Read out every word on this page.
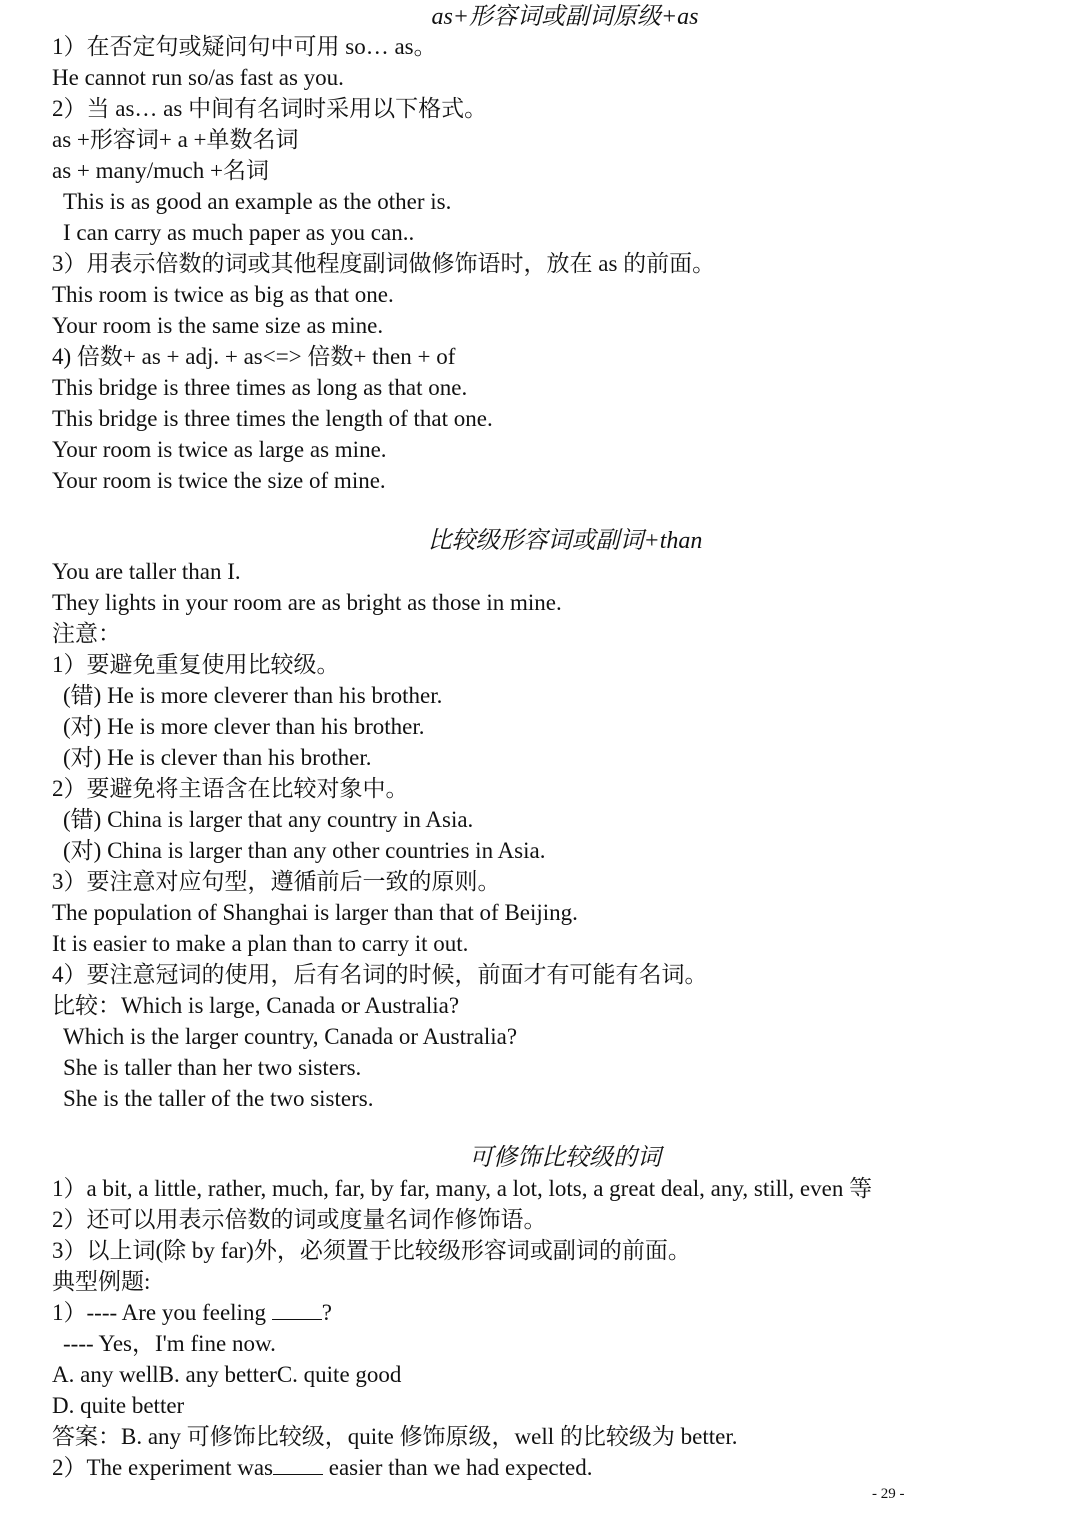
as+形容词或副词原级+as
1）在否定句或疑问句中可用 so… as。
He cannot run so/as fast as you.
2）当 as… as 中间有名词时采用以下格式。
as +形容词+ a +单数名词
as + many/much +名词
This is as good an example as the other is.
I can carry as much paper as you can..
3）用表示倍数的词或其他程度副词做修饰语时，放在 as 的前面。
This room is twice as big as that one.
Your room is the same size as mine.
4) 倍数+ as + adj. + as<=> 倍数+ then + of
This bridge is three times as long as that one.
This bridge is three times the length of that one.
Your room is twice as large as mine.
Your room is twice the size of mine.
比较级形容词或副词+than
You are taller than I.
They lights in your room are as bright as those in mine.
注意：
1）要避免重复使用比较级。
(错) He is more cleverer than his brother.
(对) He is more clever than his brother.
(对) He is clever than his brother.
2）要避免将主语含在比较对象中。
(错) China is larger that any country in Asia.
(对) China is larger than any other countries in Asia.
3）要注意对应句型，遵循前后一致的原则。
The population of Shanghai is larger than that of Beijing.
It is easier to make a plan than to carry it out.
4）要注意冠词的使用，后有名词的时候，前面才有可能有名词。
比较：Which is large, Canada or Australia?
Which is the larger country, Canada or Australia?
She is taller than her two sisters.
She is the taller of the two sisters.
可修饰比较级的词
1）a bit, a little, rather, much, far, by far, many, a lot, lots, a great deal, any, still, even 等
2）还可以用表示倍数的词或度量名词作修饰语。
3）以上词(除 by far)外，必须置于比较级形容词或副词的前面。
典型例题:
1）---- Are you feeling ?
---- Yes，I'm fine now.
A. any wellB. any betterC. quite good
D. quite better
答案：B. any 可修饰比较级，quite 修饰原级，well 的比较级为 better.
2）The experiment was easier than we had expected.
- 29 -
